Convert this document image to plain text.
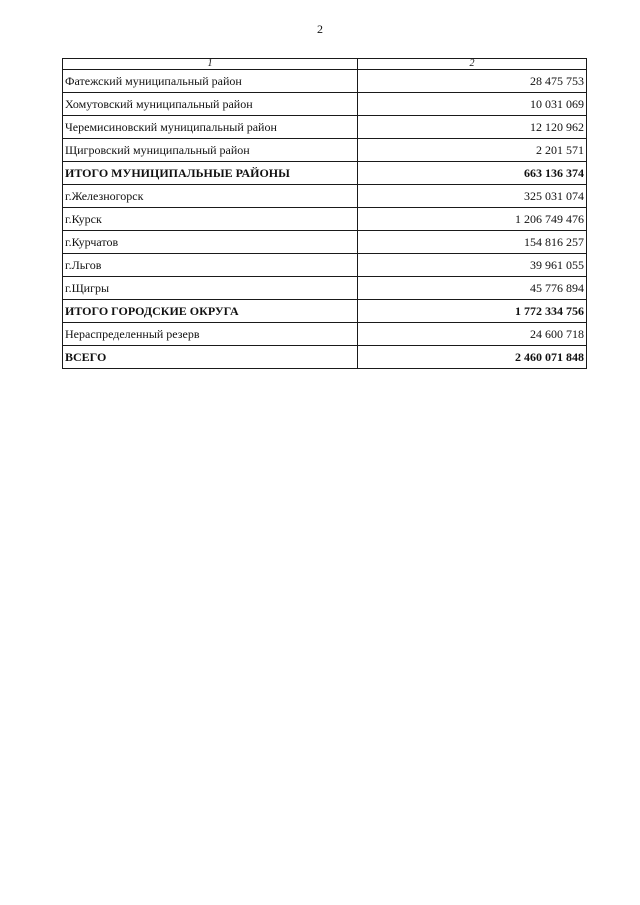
2
1	2
Фатежский муниципальный район	28 475 753
Хомутовский муниципальный район	10 031 069
Черемисиновский муниципальный район	12 120 962
Щигровский муниципальный район	2 201 571
ИТОГО МУНИЦИПАЛЬНЫЕ РАЙОНЫ	663 136 374
г.Железногорск	325 031 074
г.Курск	1 206 749 476
г.Курчатов	154 816 257
г.Льгов	39 961 055
г.Щигры	45 776 894
ИТОГО ГОРОДСКИЕ ОКРУГА	1 772 334 756
Нераспределенный резерв	24 600 718
ВСЕГО	2 460 071 848
